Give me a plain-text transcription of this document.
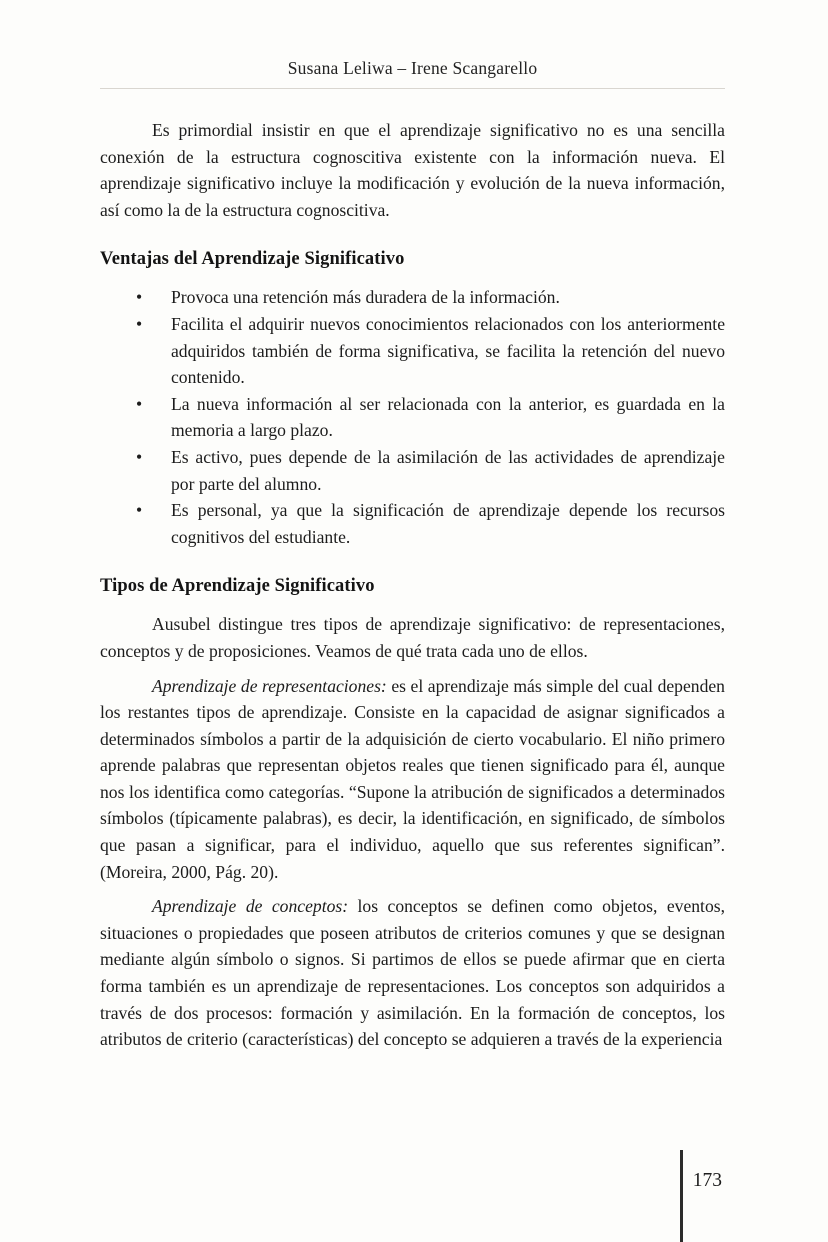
Susana Leliwa – Irene Scangarello

Es primordial insistir en que el aprendizaje significativo no es una sencilla conexión de la estructura cognoscitiva existente con la información nueva. El aprendizaje significativo incluye la modificación y evolución de la nueva información, así como la de la estructura cognoscitiva.

Ventajas del Aprendizaje Significativo
•	Provoca una retención más duradera de la información.
•	Facilita el adquirir nuevos conocimientos relacionados con los anteriormente adquiridos también de forma significativa, se facilita la retención del nuevo contenido.
•	La nueva información al ser relacionada con la anterior, es guardada en la memoria a largo plazo.
•	Es activo, pues depende de la asimilación de las actividades de aprendizaje por parte del alumno.
•	Es personal, ya que la significación de aprendizaje depende los recursos cognitivos del estudiante.
Tipos de Aprendizaje Significativo

Ausubel distingue tres tipos de aprendizaje significativo: de representaciones, conceptos y de proposiciones. Veamos de qué trata cada uno de ellos.

Aprendizaje de representaciones: es el aprendizaje más simple del cual dependen los restantes tipos de aprendizaje. Consiste en la capacidad de asignar significados a determinados símbolos a partir de la adquisición de cierto vocabulario. El niño primero aprende palabras que representan objetos reales que tienen significado para él, aunque nos los identifica como categorías. “Supone la atribución de significados a determinados símbolos (típicamente palabras), es decir, la identificación, en significado, de símbolos que pasan a significar, para el individuo, aquello que sus referentes significan”. (Moreira, 2000, Pág. 20).

Aprendizaje de conceptos: los conceptos se definen como objetos, eventos, situaciones o propiedades que poseen atributos de criterios comunes y que se designan mediante algún símbolo o signos. Si partimos de ellos se puede afirmar que en cierta forma también es un aprendizaje de representaciones. Los conceptos son adquiridos a través de dos procesos: formación y asimilación. En la formación de conceptos, los atributos de criterio (características) del concepto se adquieren a través de la experiencia

173
